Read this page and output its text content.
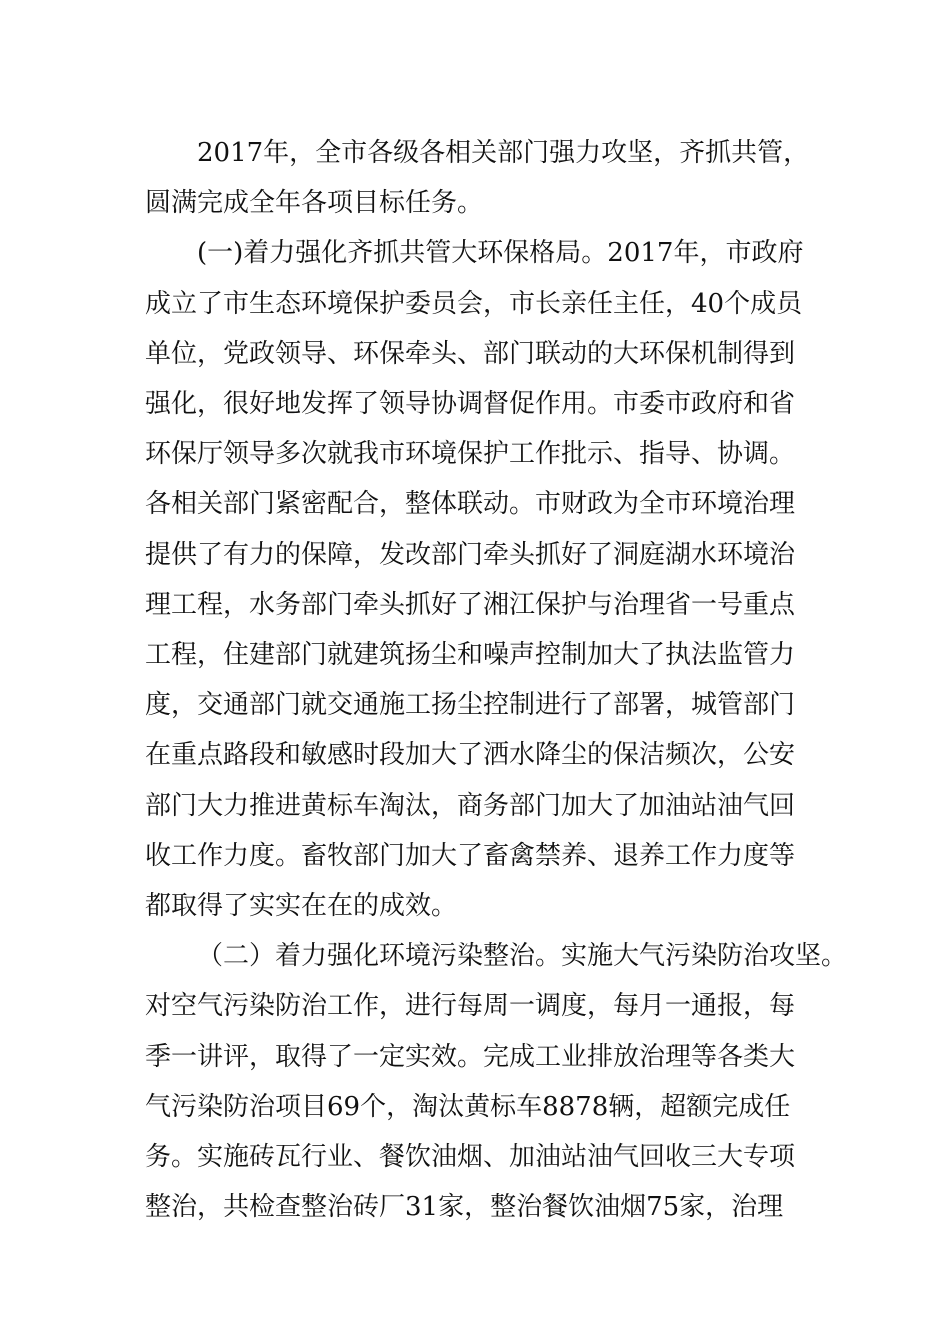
2017年，全市各级各相关部门强力攻坚，齐抓共管，
圆满完成全年各项目标任务。

(一)着力强化齐抓共管大环保格局。2017年，市政府
成立了市生态环境保护委员会，市长亲任主任，40个成员
单位，党政领导、环保牵头、部门联动的大环保机制得到
强化，很好地发挥了领导协调督促作用。市委市政府和省
环保厅领导多次就我市环境保护工作批示、指导、协调。
各相关部门紧密配合，整体联动。市财政为全市环境治理
提供了有力的保障，发改部门牵头抓好了洞庭湖水环境治
理工程，水务部门牵头抓好了湘江保护与治理省一号重点
工程，住建部门就建筑扬尘和噪声控制加大了执法监管力
度，交通部门就交通施工扬尘控制进行了部署，城管部门
在重点路段和敏感时段加大了洒水降尘的保洁频次，公安
部门大力推进黄标车淘汰，商务部门加大了加油站油气回
收工作力度。畜牧部门加大了畜禽禁养、退养工作力度等
都取得了实实在在的成效。

（二）着力强化环境污染整治。实施大气污染防治攻坚。
对空气污染防治工作，进行每周一调度，每月一通报，每
季一讲评，取得了一定实效。完成工业排放治理等各类大
气污染防治项目69个，淘汰黄标车8878辆，超额完成任
务。实施砖瓦行业、餐饮油烟、加油站油气回收三大专项
整治，共检查整治砖厂31家，整治餐饮油烟75家，治理
